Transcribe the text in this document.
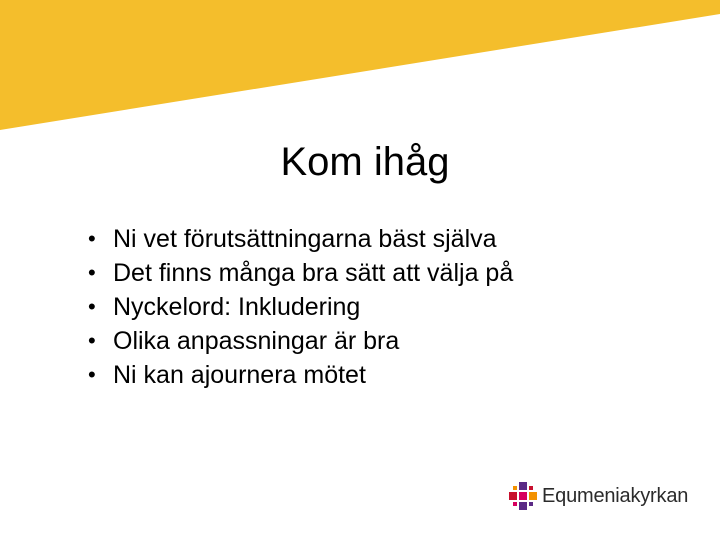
Kom ihåg
• Ni vet förutsättningarna bäst själva
• Det finns många bra sätt att välja på
• Nyckelord: Inkludering
• Olika anpassningar är bra
• Ni kan ajournera mötet
Equmeniakyrkan
